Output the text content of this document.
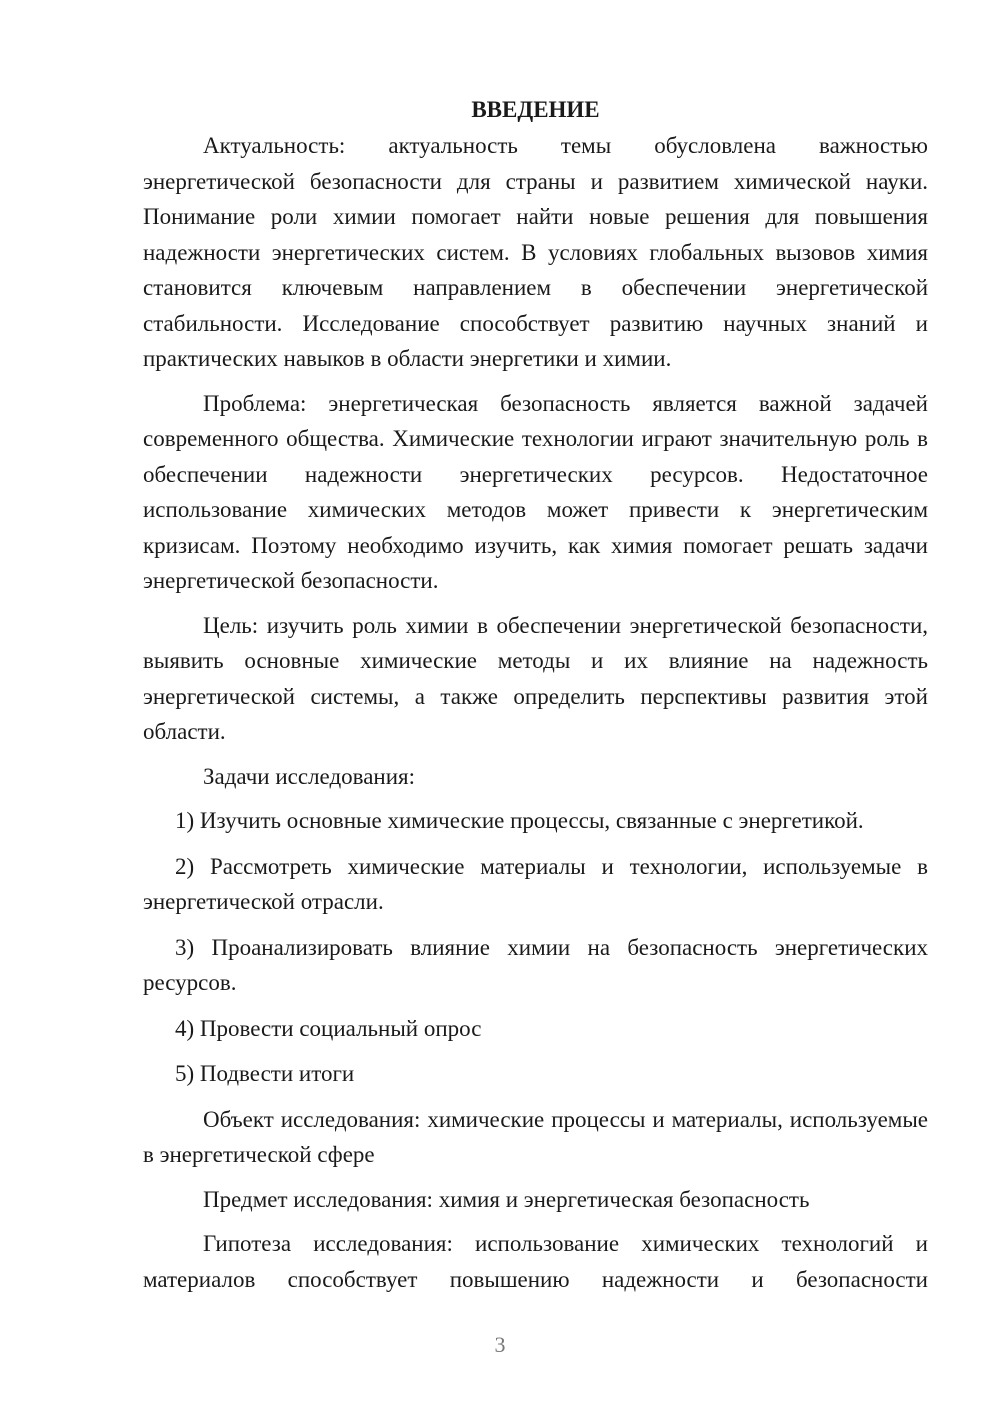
ВВЕДЕНИЕ

Актуальность: актуальность темы обусловлена важностью энергетической безопасности для страны и развитием химической науки. Понимание роли химии помогает найти новые решения для повышения надежности энергетических систем. В условиях глобальных вызовов химия становится ключевым направлением в обеспечении энергетической стабильности. Исследование способствует развитию научных знаний и практических навыков в области энергетики и химии.

Проблема: энергетическая безопасность является важной задачей современного общества. Химические технологии играют значительную роль в обеспечении надежности энергетических ресурсов. Недостаточное использование химических методов может привести к энергетическим кризисам. Поэтому необходимо изучить, как химия помогает решать задачи энергетической безопасности.

Цель: изучить роль химии в обеспечении энергетической безопасности, выявить основные химические методы и их влияние на надежность энергетической системы, а также определить перспективы развития этой области.

Задачи исследования:

1) Изучить основные химические процессы, связанные с энергетикой.

2) Рассмотреть химические материалы и технологии, используемые в энергетической отрасли.

3) Проанализировать влияние химии на безопасность энергетических ресурсов.

4) Провести социальный опрос

5) Подвести итоги

Объект исследования: химические процессы и материалы, используемые в энергетической сфере

Предмет исследования: химия и энергетическая безопасность

Гипотеза исследования: использование химических технологий и материалов способствует повышению надежности и безопасности

3
